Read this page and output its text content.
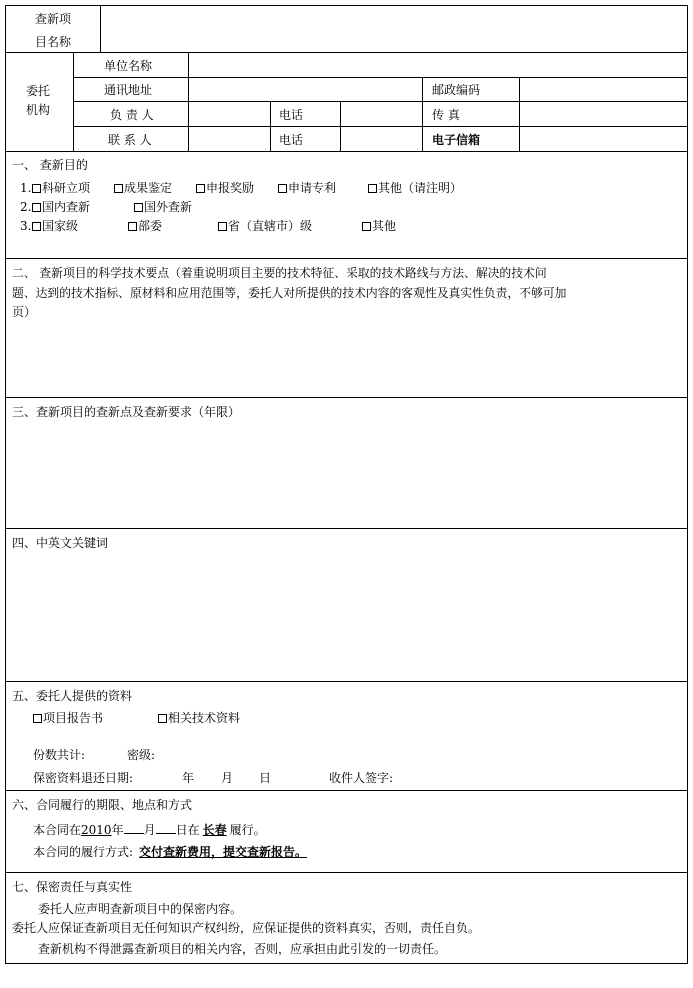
查新项
目名称
委托
机构
单位名称
通讯地址	邮政编码
负 责 人	电话	传 真
联 系 人	电话	电子信箱
一、 查新目的
1. 科研立项	成果鉴定	申报奖励	申请专利	其他（请注明）
2. 国内查新	国外查新
3. 国家级	部委	省（直辖市）级	其他
二、 查新项目的科学技术要点（着重说明项目主要的技术特征、采取的技术路线与方法、解决的技术问
题、达到的技术指标、原材料和应用范围等，委托人对所提供的技术内容的客观性及真实性负责，不够可加
页）
三、查新项目的查新点及查新要求（年限）
四、中英文关键词
五、委托人提供的资料
项目报告书	相关技术资料
份数共计:	密级:
保密资料退还日期:	年 月 日	收件人签字:
六、合同履行的期限、地点和方式
本合同在2010年 月 日在 长春 履行。
本合同的履行方式: 交付查新费用，提交查新报告。
七、保密责任与真实性
委托人应声明查新项目中的保密内容。
委托人应保证查新项目无任何知识产权纠纷，应保证提供的资料真实，否则，责任自负。
查新机构不得泄露查新项目的相关内容，否则，应承担由此引发的一切责任。
